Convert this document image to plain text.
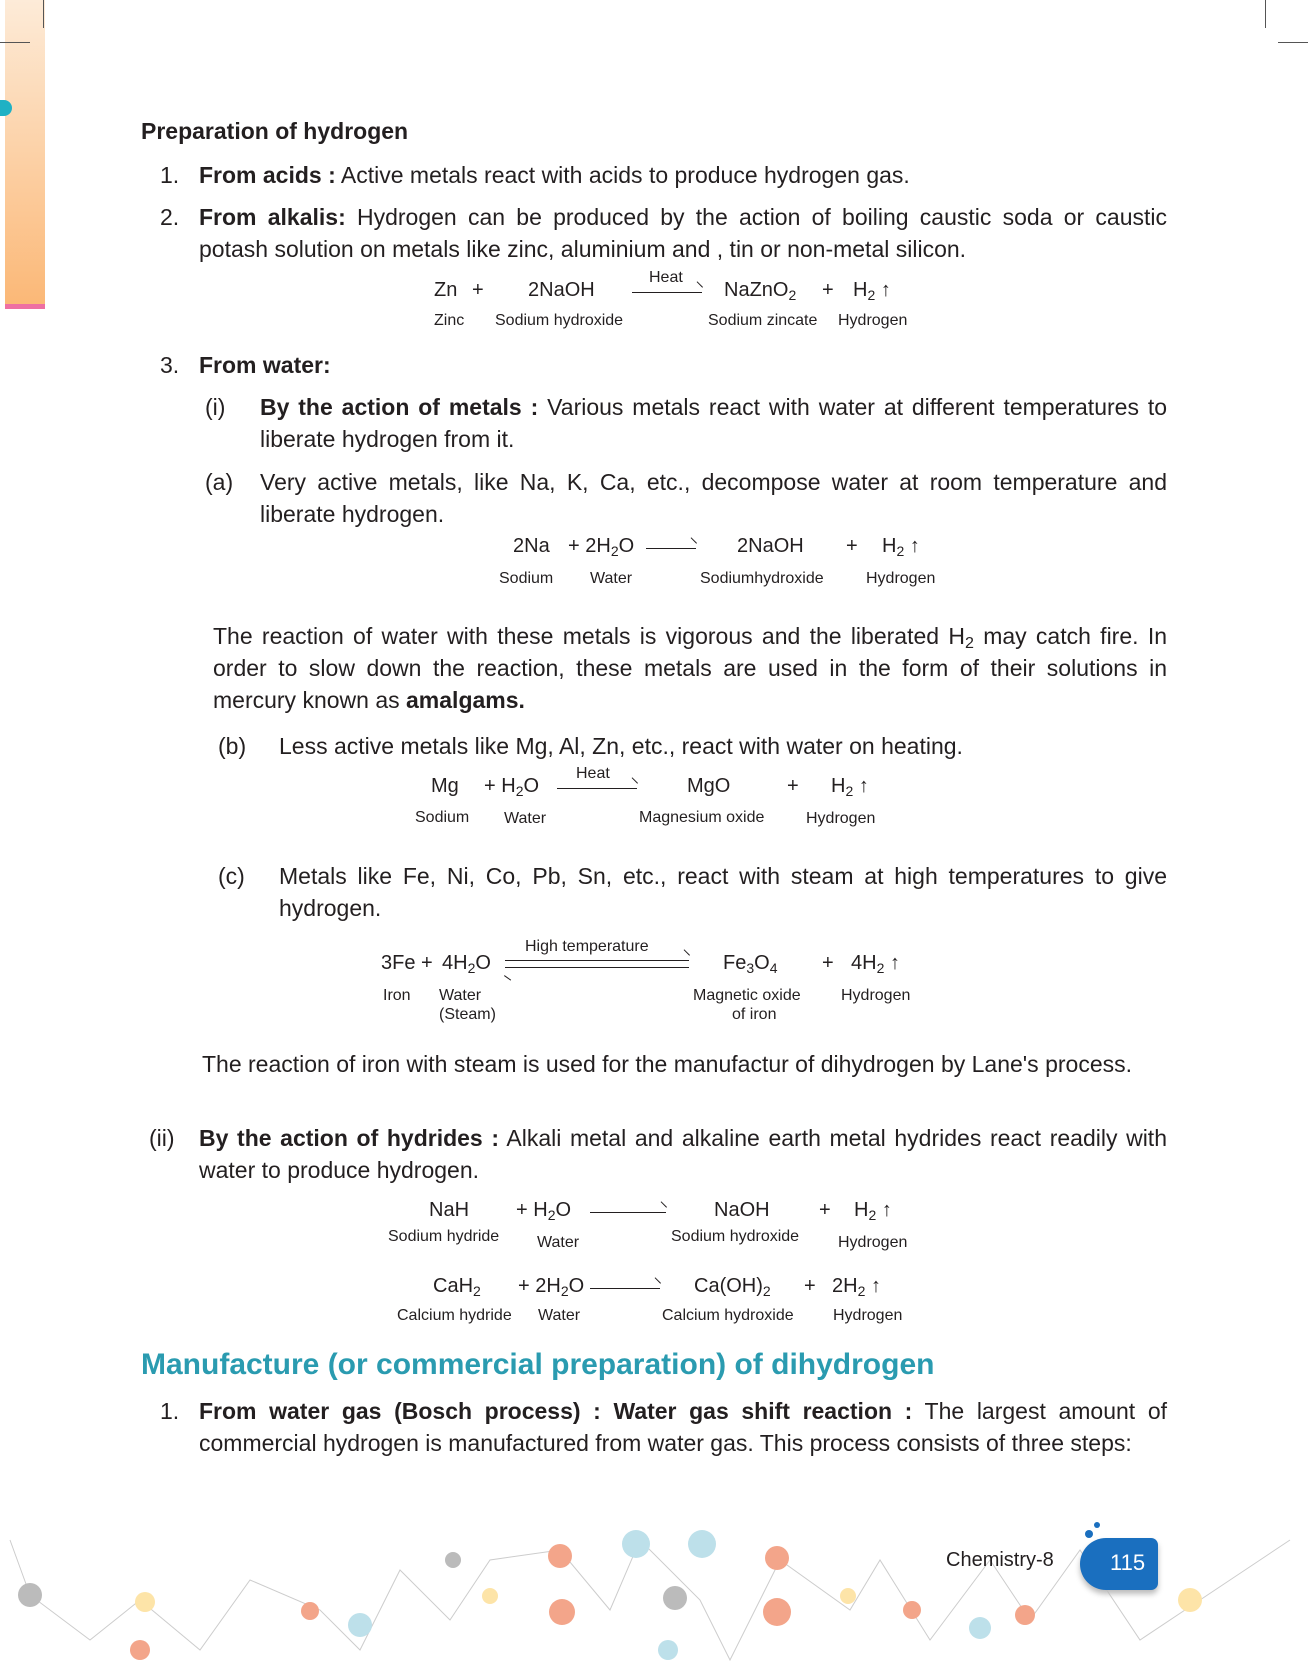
Preparation of hydrogen
1. From acids : Active metals react with acids to produce hydrogen gas.
2. From alkalis: Hydrogen can be produced by the action of boiling caustic soda or caustic potash solution on metals like zinc, aluminium and , tin or non-metal silicon.
Zn + 2NaOH
Heat
NaZnO$_2$ + $H_2$ ↑
Zinc Sodium hydroxide	Sodium zincate Hydrogen
3. From water:
(i) By the action of metals : Various metals react with water at different temperatures to liberate hydrogen from it.
(a) Very active metals, like Na, K, Ca, etc., decompose water at room temperature and liberate hydrogen.
$2Na + 2H_2O$	2NaOH + $H_2$ ↑
Sodium Water	Sodiumhydroxide	Hydrogen
The reaction of water with these metals is vigorous and the liberated $H_2$ may catch fire. In order to slow down the reaction, these metals are used in the form of their solutions in mercury known as amalgams.
(b) Less active metals like Mg, Al, Zn, etc., react with water on heating.
$Mg + H_2O$
Heat
MgO	+ $H_2$ ↑
Sodium Water	Magnesium oxide	Hydrogen
(c) Metals like Fe, Ni, Co, Pb, Sn, etc., react with steam at high temperatures to give hydrogen.
$3Fe + 4H_2O$
High temperature
$Fe_3O_4 + 4H_2$ ↑
Iron Water
(Steam)
Magnetic oxide
of iron
Hydrogen
The reaction of iron with steam is used for the manufactur of dihydrogen by Lane's process.
(ii) By the action of hydrides : Alkali metal and alkaline earth metal hydrides react readily with water to produce hydrogen.
NaH + $H_2O$	NaOH + $H_2$ ↑
Sodium hydride Water	Sodium hydroxide Hydrogen
$CaH_2 + 2H_2O$	$Ca(OH)_2 + 2H_2$ ↑
Calcium hydride Water	Calcium hydroxide Hydrogen
Manufacture (or commercial preparation) of dihydrogen
1. From water gas (Bosch process) : Water gas shift reaction : The largest amount of commercial hydrogen is manufactured from water gas. This process consists of three steps:
Chemistry-8	115
